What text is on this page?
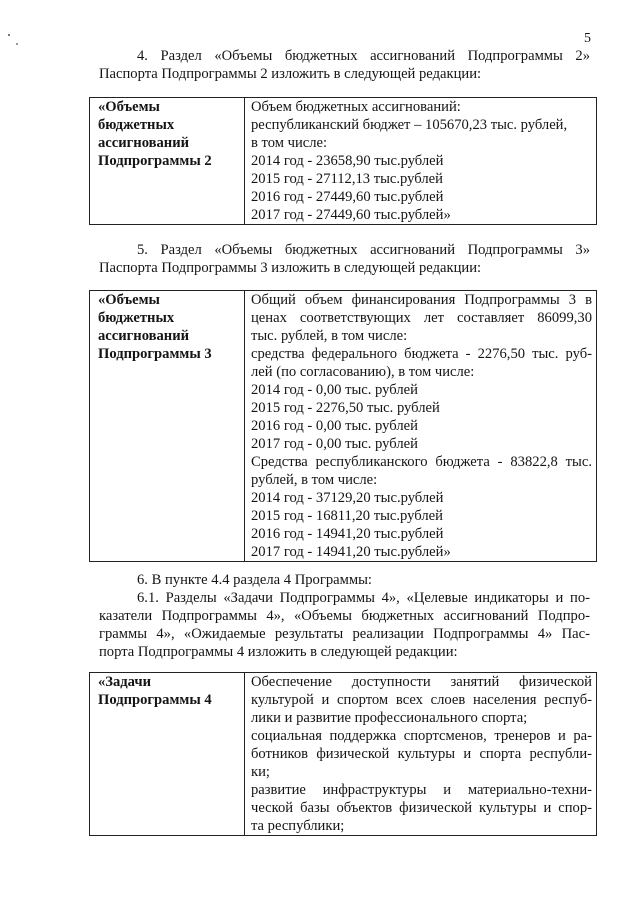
5

4. Раздел «Объемы бюджетных ассигнований Подпрограммы 2»
Паспорта Подпрограммы 2 изложить в следующей редакции:

«Объемы
бюджетных
ассигнований
Подпрограммы 2

Объем бюджетных ассигнований:
республиканский бюджет – 105670,23 тыс. рублей,
в том числе:
2014 год - 23658,90 тыс.рублей
2015 год - 27112,13 тыс.рублей
2016 год - 27449,60 тыс.рублей
2017 год - 27449,60 тыс.рублей»

5. Раздел «Объемы бюджетных ассигнований Подпрограммы 3»
Паспорта Подпрограммы 3 изложить в следующей редакции:

«Объемы
бюджетных
ассигнований
Подпрограммы 3

Общий объем финансирования Подпрограммы 3 в
ценах соответствующих лет составляет 86099,30
тыс. рублей, в том числе:
средства федерального бюджета - 2276,50 тыс. руб-
лей (по согласованию), в том числе:
2014 год - 0,00 тыс. рублей
2015 год - 2276,50 тыс. рублей
2016 год - 0,00 тыс. рублей
2017 год - 0,00 тыс. рублей
Средства республиканского бюджета - 83822,8 тыс.
рублей, в том числе:
2014 год - 37129,20 тыс.рублей
2015 год - 16811,20 тыс.рублей
2016 год - 14941,20 тыс.рублей
2017 год - 14941,20 тыс.рублей»

6. В пункте 4.4 раздела 4 Программы:

6.1. Разделы «Задачи Подпрограммы 4», «Целевые индикаторы и по-
казатели Подпрограммы 4», «Объемы бюджетных ассигнований Подпро-
граммы 4», «Ожидаемые результаты реализации Подпрограммы 4» Пас-
порта Подпрограммы 4 изложить в следующей редакции:

«Задачи
Подпрограммы 4

Обеспечение доступности занятий физической
культурой и спортом всех слоев населения респуб-
лики и развитие профессионального спорта;
социальная поддержка спортсменов, тренеров и ра-
ботников физической культуры и спорта республи-
ки;
развитие инфраструктуры и материально-техни-
ческой базы объектов физической культуры и спор-
та республики;
